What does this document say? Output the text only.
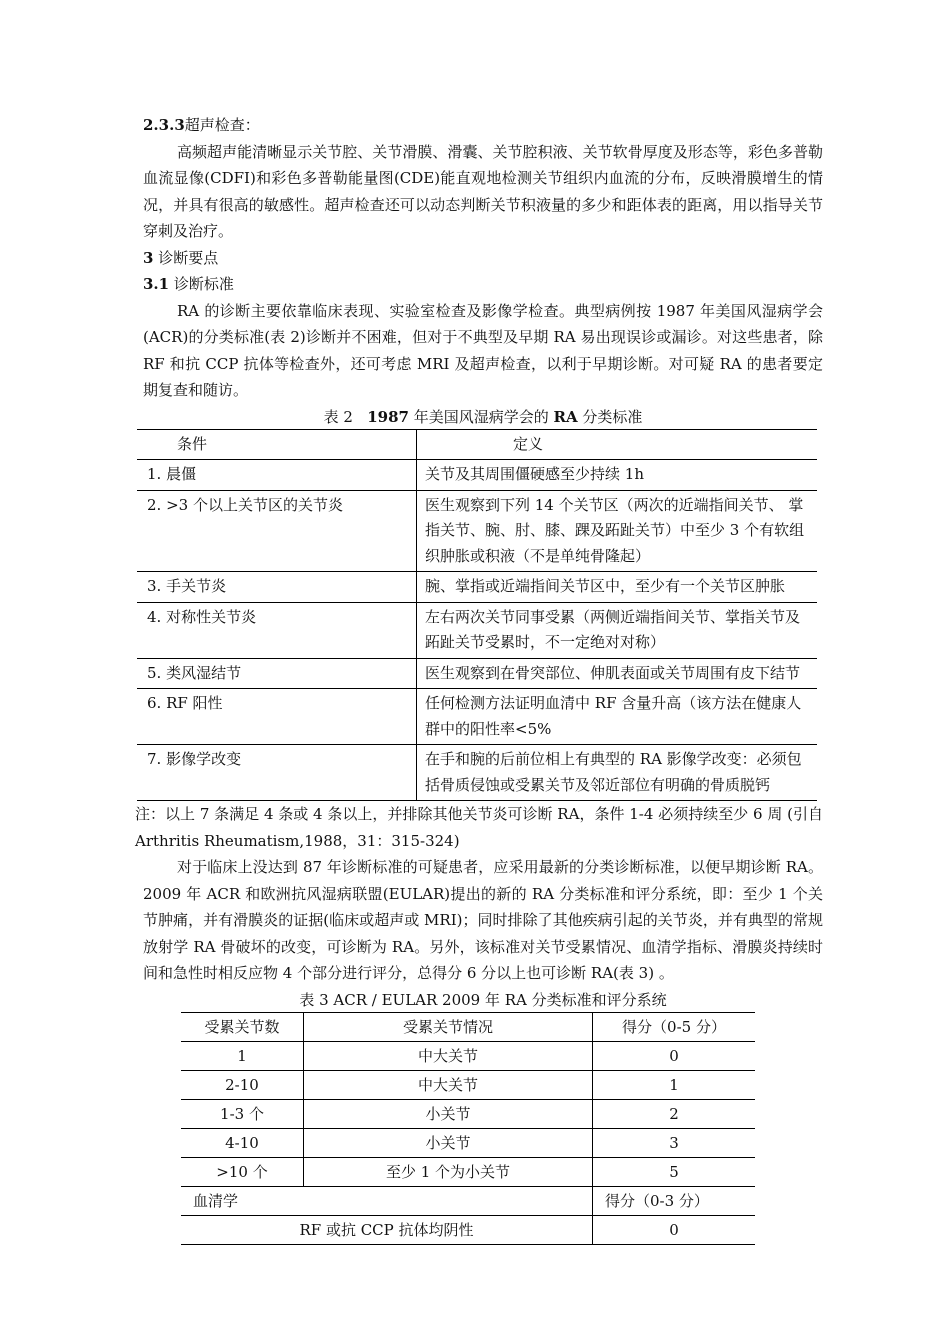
2.3.3超声检查：

高频超声能清晰显示关节腔、关节滑膜、滑囊、关节腔积液、关节软骨厚度及形态等，彩色多普勒血流显像(CDFI)和彩色多普勒能量图(CDE)能直观地检测关节组织内血流的分布，反映滑膜增生的情况，并具有很高的敏感性。超声检查还可以动态判断关节积液量的多少和距体表的距离，用以指导关节穿刺及治疗。

3 诊断要点

3.1 诊断标准

RA 的诊断主要依靠临床表现、实验室检查及影像学检查。典型病例按 1987 年美国风湿病学会(ACR)的分类标准(表 2)诊断并不困难，但对于不典型及早期 RA 易出现误诊或漏诊。对这些患者，除 RF 和抗 CCP 抗体等检查外，还可考虑 MRI 及超声检查，以利于早期诊断。对可疑 RA 的患者要定期复查和随访。

表 2 1987 年美国风湿病学会的 RA 分类标准

条件	定义
1. 晨僵	关节及其周围僵硬感至少持续 1h
2. >3 个以上关节区的关节炎	医生观察到下列 14 个关节区（两次的近端指间关节、 掌指关节、腕、肘、膝、踝及跖趾关节）中至少 3 个有软组织肿胀或积液（不是单纯骨隆起）
3. 手关节炎	腕、掌指或近端指间关节区中，至少有一个关节区肿胀
4. 对称性关节炎	左右两次关节同事受累（两侧近端指间关节、掌指关节及跖趾关节受累时，不一定绝对对称）
5. 类风湿结节	医生观察到在骨突部位、伸肌表面或关节周围有皮下结节
6. RF 阳性	任何检测方法证明血清中 RF 含量升高（该方法在健康人群中的阳性率<5%
7. 影像学改变	在手和腕的后前位相上有典型的 RA 影像学改变：必须包括骨质侵蚀或受累关节及邻近部位有明确的骨质脱钙

注：以上 7 条满足 4 条或 4 条以上，并排除其他关节炎可诊断 RA，条件 1-4 必须持续至少 6 周 (引自 Arthritis Rheumatism,1988，31：315-324)

对于临床上没达到 87 年诊断标准的可疑患者，应采用最新的分类诊断标准，以便早期诊断 RA。2009 年 ACR 和欧洲抗风湿病联盟(EULAR)提出的新的 RA 分类标准和评分系统，即：至少 1 个关节肿痛，并有滑膜炎的证据(临床或超声或 MRI)；同时排除了其他疾病引起的关节炎，并有典型的常规放射学 RA 骨破坏的改变，可诊断为 RA。另外，该标准对关节受累情况、血清学指标、滑膜炎持续时间和急性时相反应物 4 个部分进行评分，总得分 6 分以上也可诊断 RA(表 3) 。

表 3 ACR / EULAR 2009 年 RA 分类标准和评分系统

受累关节数	受累关节情况	得分（0-5 分）
1	中大关节	0
2-10	中大关节	1
1-3 个	小关节	2
4-10	小关节	3
>10 个	至少 1 个为小关节	5
血清学		得分（0-3 分）
RF 或抗 CCP 抗体均阴性		0
